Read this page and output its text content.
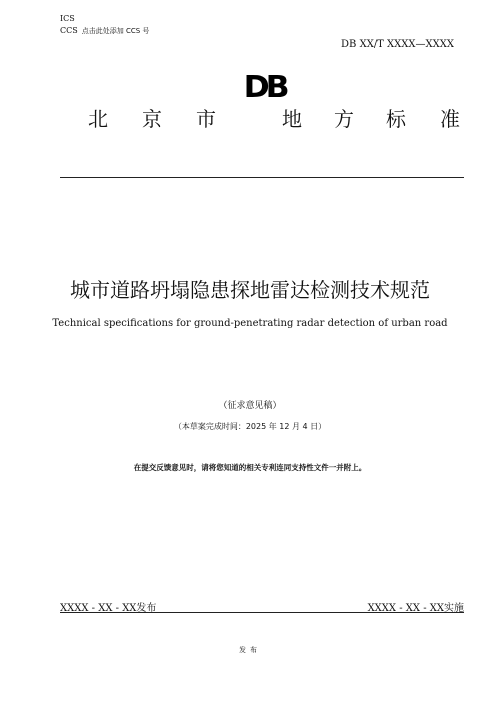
ICS
CCS 点击此处添加 CCS 号
DB XX/T XXXX—XXXX
DB
北 京 市	地 方 标 准
城市道路坍塌隐患探地雷达检测技术规范
Technical specifications for ground-penetrating radar detection of urban road
（征求意见稿）
（本草案完成时间：2025 年 12 月 4 日）
在提交反馈意见时，请将您知道的相关专利连同支持性文件一并附上。
XXXX - XX - XX发布	XXXX - XX - XX实施
发布
